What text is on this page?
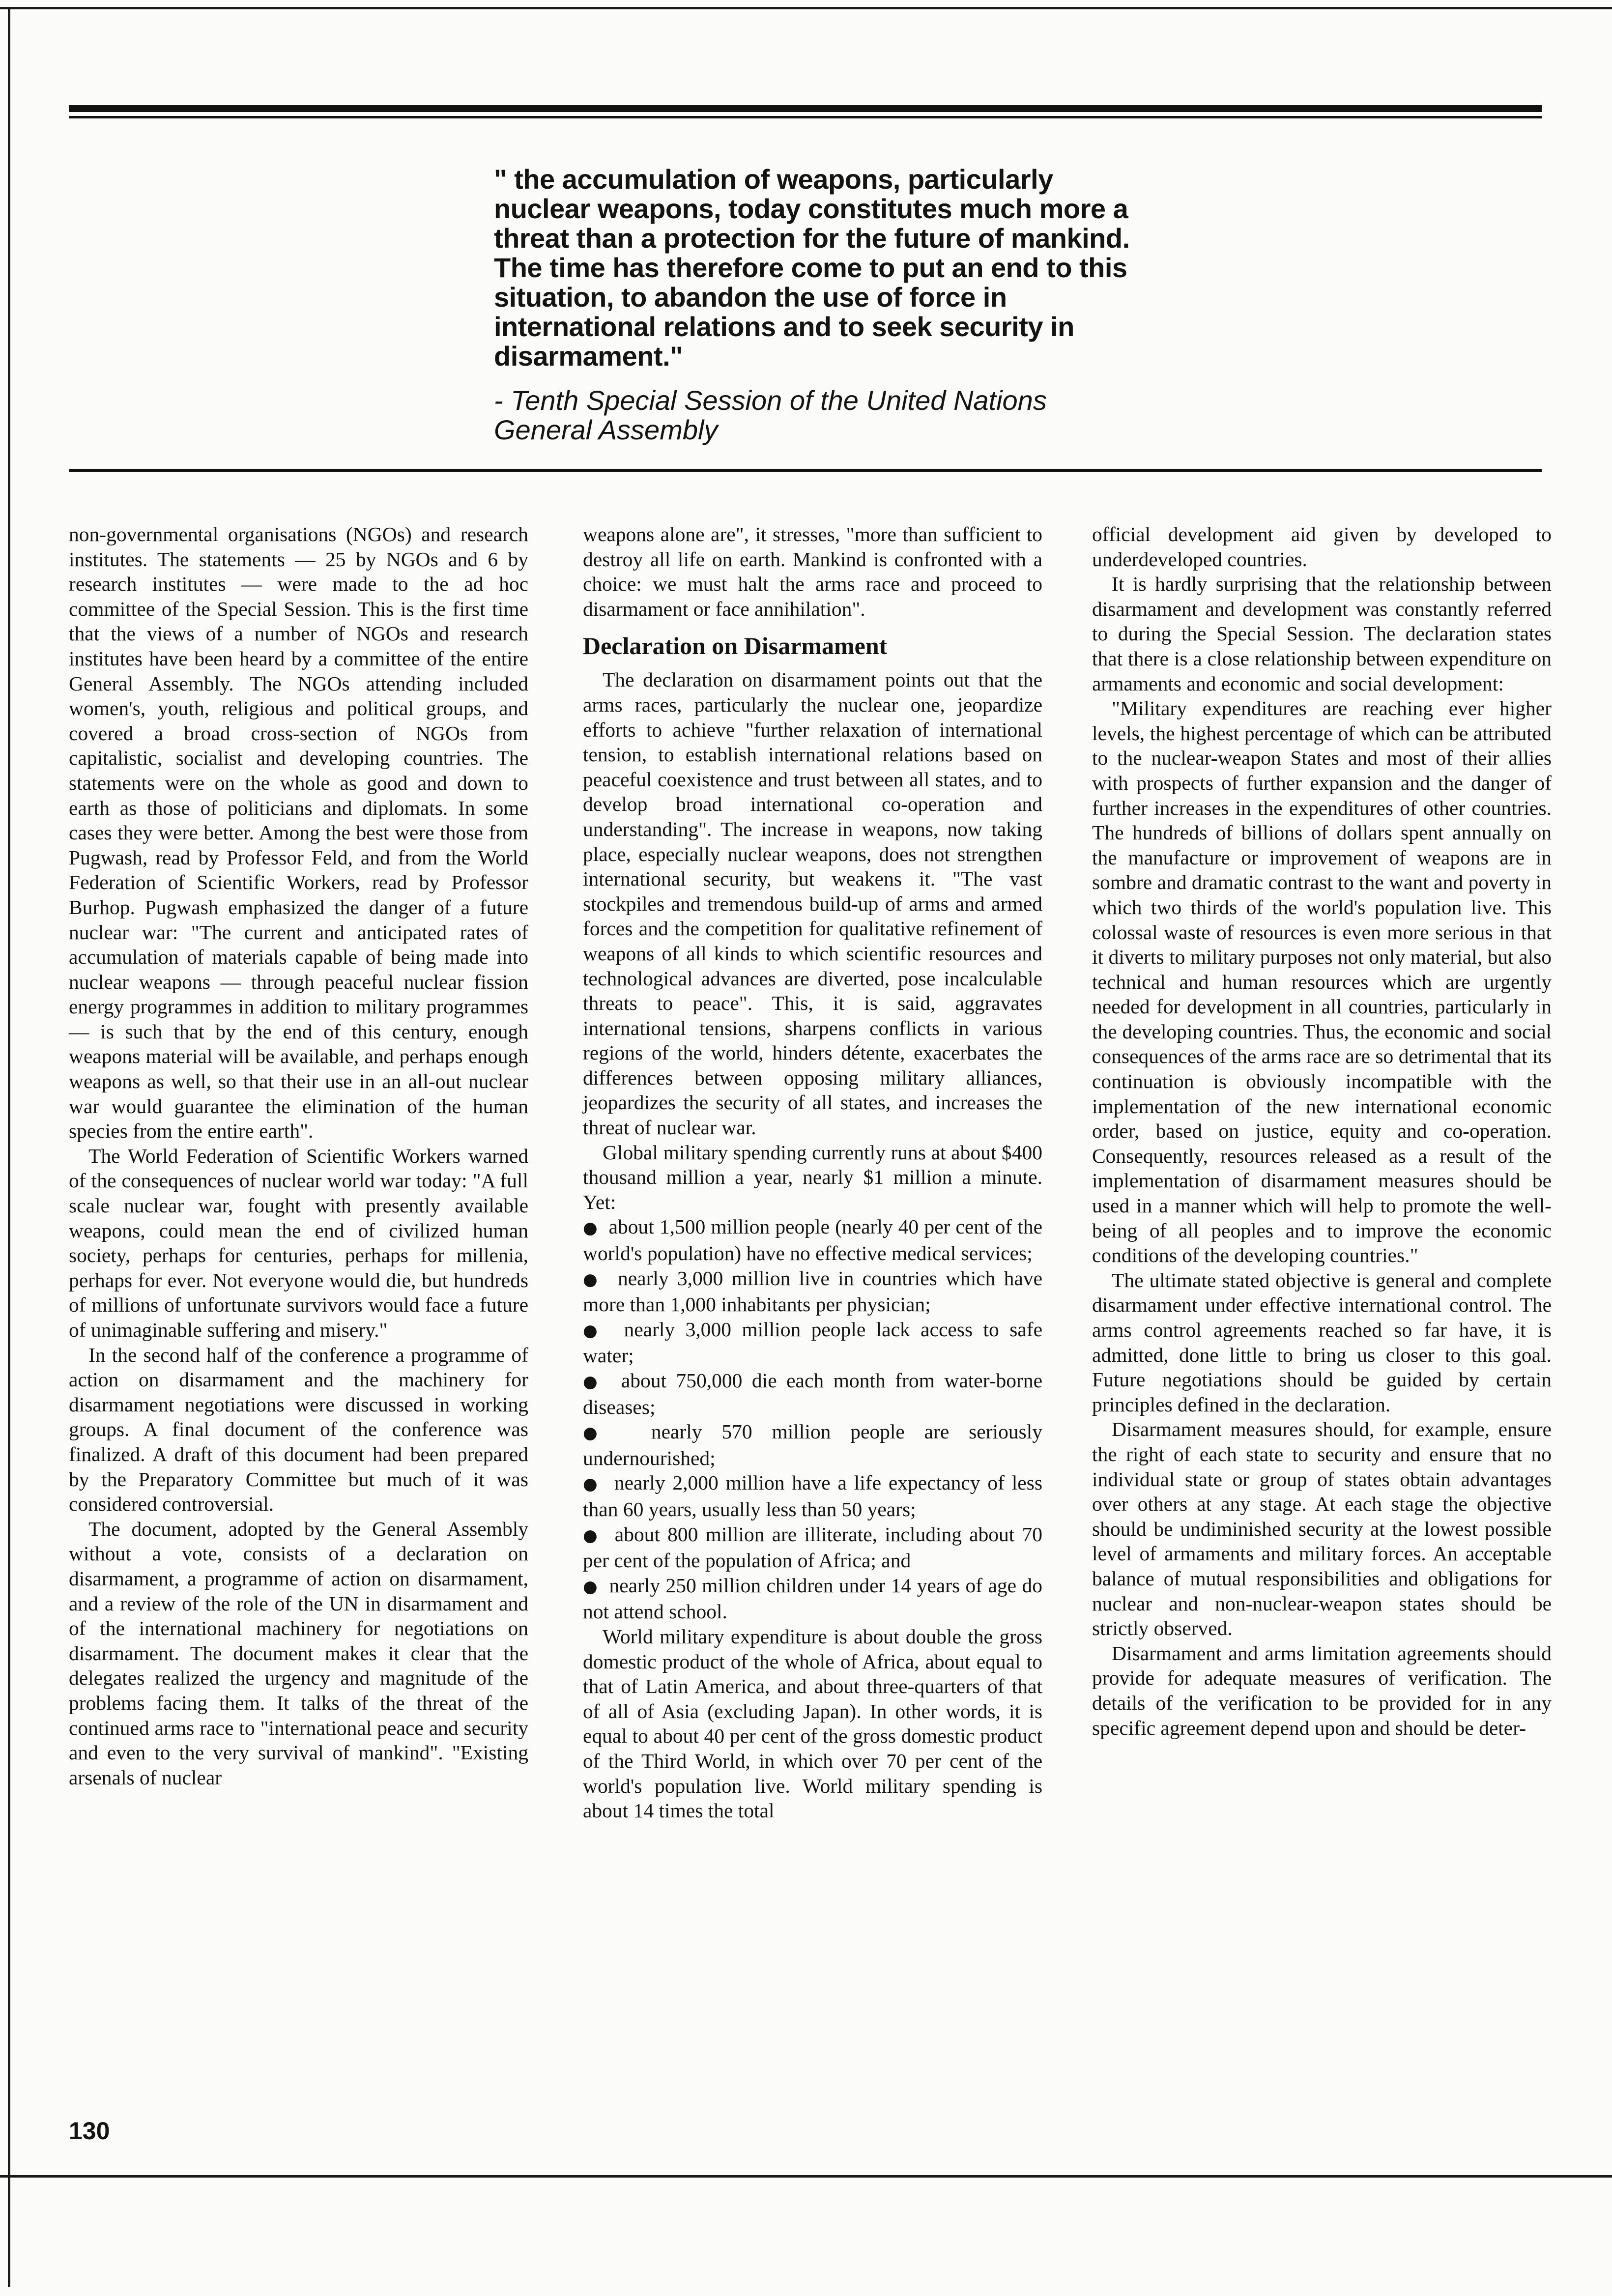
" the accumulation of weapons, particularly nuclear weapons, today constitutes much more a threat than a protection for the future of mankind. The time has therefore come to put an end to this situation, to abandon the use of force in international relations and to seek security in disarmament."

- Tenth Special Session of the United Nations
General Assembly

non-governmental organisations (NGOs) and research institutes. The statements — 25 by NGOs and 6 by research institutes — were made to the ad hoc committee of the Special Session. This is the first time that the views of a number of NGOs and research institutes have been heard by a committee of the entire General Assembly. The NGOs attending included women's, youth, religious and political groups, and covered a broad cross-section of NGOs from capitalistic, socialist and developing countries. The statements were on the whole as good and down to earth as those of politicians and diplomats. In some cases they were better. Among the best were those from Pugwash, read by Professor Feld, and from the World Federation of Scientific Workers, read by Professor Burhop. Pugwash emphasized the danger of a future nuclear war: "The current and anticipated rates of accumulation of materials capable of being made into nuclear weapons — through peaceful nuclear fission energy programmes in addition to military programmes — is such that by the end of this century, enough weapons material will be available, and perhaps enough weapons as well, so that their use in an all-out nuclear war would guarantee the elimination of the human species from the entire earth".

The World Federation of Scientific Workers warned of the consequences of nuclear world war today: "A full scale nuclear war, fought with presently available weapons, could mean the end of civilized human society, perhaps for centuries, perhaps for millenia, perhaps for ever. Not everyone would die, but hundreds of millions of unfortunate survivors would face a future of unimaginable suffering and misery."

In the second half of the conference a programme of action on disarmament and the machinery for disarmament negotiations were discussed in working groups. A final document of the conference was finalized. A draft of this document had been prepared by the Preparatory Committee but much of it was considered controversial.

The document, adopted by the General Assembly without a vote, consists of a declaration on disarmament, a programme of action on disarmament, and a review of the role of the UN in disarmament and of the international machinery for negotiations on disarmament. The document makes it clear that the delegates realized the urgency and magnitude of the problems facing them. It talks of the threat of the continued arms race to "international peace and security and even to the very survival of mankind". "Existing arsenals of nuclear

weapons alone are", it stresses, "more than sufficient to destroy all life on earth. Mankind is confronted with a choice: we must halt the arms race and proceed to disarmament or face annihilation".

Declaration on Disarmament

The declaration on disarmament points out that the arms races, particularly the nuclear one, jeopardize efforts to achieve "further relaxation of international tension, to establish international relations based on peaceful coexistence and trust between all states, and to develop broad international co-operation and understanding". The increase in weapons, now taking place, especially nuclear weapons, does not strengthen international security, but weakens it. "The vast stockpiles and tremendous build-up of arms and armed forces and the competition for qualitative refinement of weapons of all kinds to which scientific resources and technological advances are diverted, pose incalculable threats to peace". This, it is said, aggravates international tensions, sharpens conflicts in various regions of the world, hinders détente, exacerbates the differences between opposing military alliances, jeopardizes the security of all states, and increases the threat of nuclear war.

Global military spending currently runs at about $400 thousand million a year, nearly $1 million a minute. Yet:

● about 1,500 million people (nearly 40 per cent of the world's population) have no effective medical services;
● nearly 3,000 million live in countries which have more than 1,000 inhabitants per physician;
● nearly 3,000 million people lack access to safe water;
● about 750,000 die each month from water-borne diseases;
● nearly 570 million people are seriously undernourished;
● nearly 2,000 million have a life expectancy of less than 60 years, usually less than 50 years;
● about 800 million are illiterate, including about 70 per cent of the population of Africa; and
● nearly 250 million children under 14 years of age do not attend school.

World military expenditure is about double the gross domestic product of the whole of Africa, about equal to that of Latin America, and about three-quarters of that of all of Asia (excluding Japan). In other words, it is equal to about 40 per cent of the gross domestic product of the Third World, in which over 70 per cent of the world's population live. World military spending is about 14 times the total

official development aid given by developed to underdeveloped countries.

It is hardly surprising that the relationship between disarmament and development was constantly referred to during the Special Session. The declaration states that there is a close relationship between expenditure on armaments and economic and social development:

"Military expenditures are reaching ever higher levels, the highest percentage of which can be attributed to the nuclear-weapon States and most of their allies with prospects of further expansion and the danger of further increases in the expenditures of other countries. The hundreds of billions of dollars spent annually on the manufacture or improvement of weapons are in sombre and dramatic contrast to the want and poverty in which two thirds of the world's population live. This colossal waste of resources is even more serious in that it diverts to military purposes not only material, but also technical and human resources which are urgently needed for development in all countries, particularly in the developing countries. Thus, the economic and social consequences of the arms race are so detrimental that its continuation is obviously incompatible with the implementation of the new international economic order, based on justice, equity and co-operation. Consequently, resources released as a result of the implementation of disarmament measures should be used in a manner which will help to promote the well-being of all peoples and to improve the economic conditions of the developing countries."

The ultimate stated objective is general and complete disarmament under effective international control. The arms control agreements reached so far have, it is admitted, done little to bring us closer to this goal. Future negotiations should be guided by certain principles defined in the declaration.

Disarmament measures should, for example, ensure the right of each state to security and ensure that no individual state or group of states obtain advantages over others at any stage. At each stage the objective should be undiminished security at the lowest possible level of armaments and military forces. An acceptable balance of mutual responsibilities and obligations for nuclear and non-nuclear-weapon states should be strictly observed.

Disarmament and arms limitation agreements should provide for adequate measures of verification. The details of the verification to be provided for in any specific agreement depend upon and should be deter-

130
